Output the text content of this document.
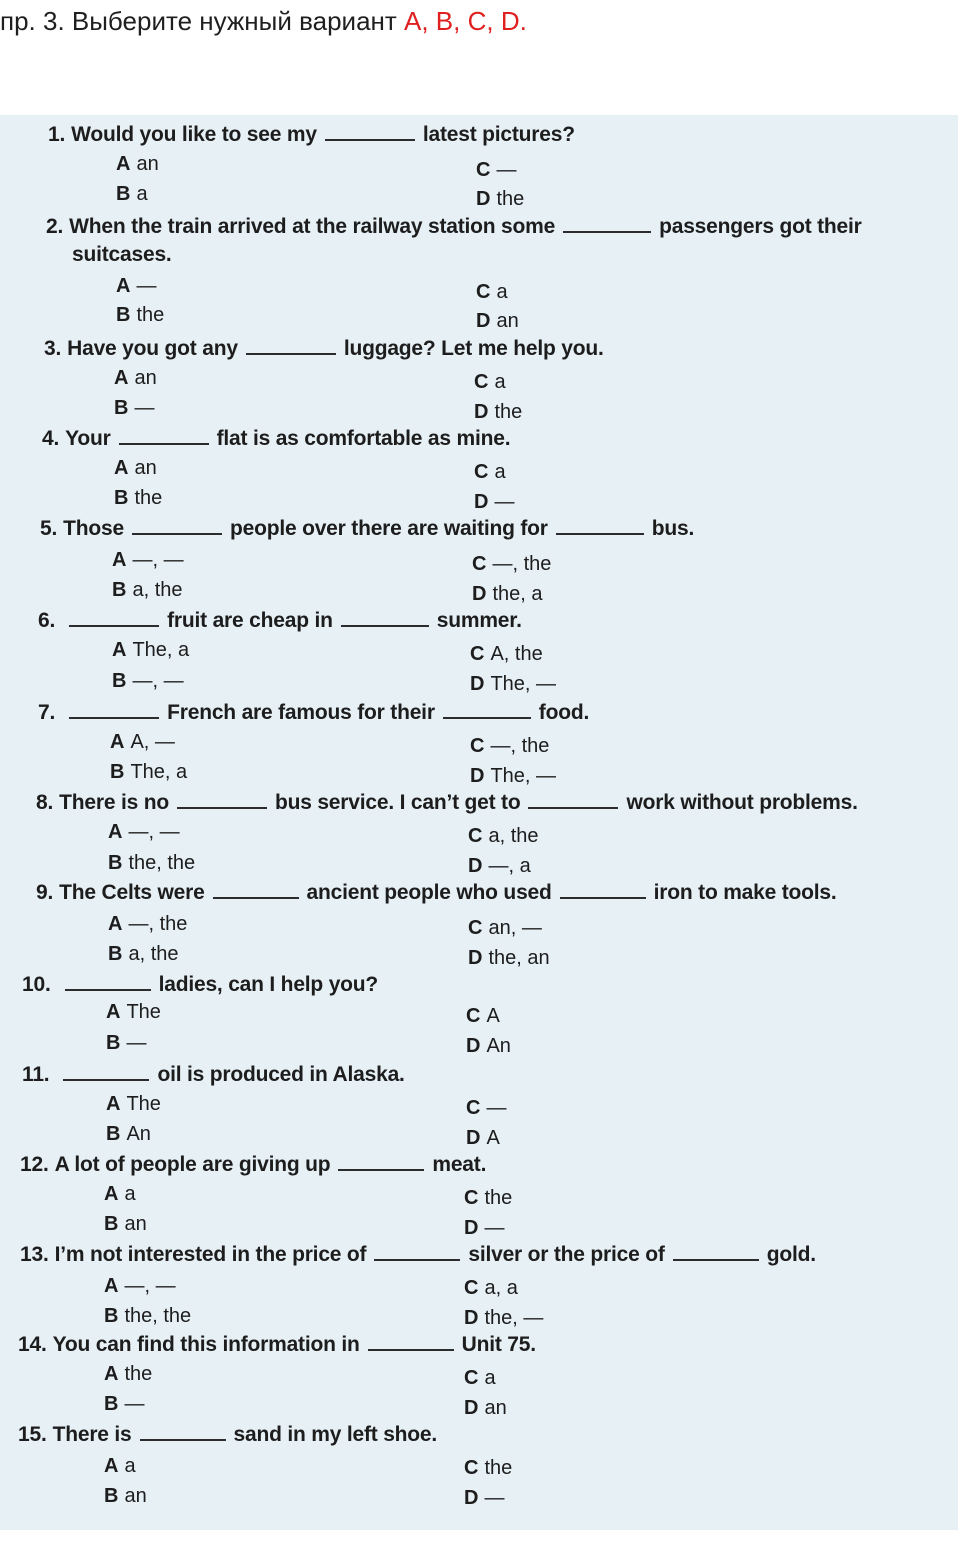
пр. 3. Выберите нужный вариант A, B, C, D.
1. Would you like to see my	latest pictures?
A an
B a
C —
D the
2. When the train arrived at the railway station some	passengers got their
suitcases.
A —
B the
C a
D an
3. Have you got any	luggage? Let me help you.
A an
B —
C a
D the
4. Your	flat is as comfortable as mine.
A an
B the
C a
D —
5. Those	people over there are waiting for	bus.
A —, —
B a, the
C —, the
D the, a
6.	fruit are cheap in	summer.
A The, a
B —, —
C A, the
D The, —
7.	French are famous for their	food.
A A, —
B The, a
C —, the
D The, —
8. There is no	bus service. I can’t get to	work without problems.
A —, —
B the, the
C a, the
D —, a
9. The Celts were	ancient people who used	iron to make tools.
A —, the
B a, the
C an, —
D the, an
10.	ladies, can I help you?
A The
B —
C A
D An
11.	oil is produced in Alaska.
A The
B An
C —
D A
12. A lot of people are giving up	meat.
A a
B an
C the
D —
13. I’m not interested in the price of	silver or the price of	gold.
A —, —
B the, the
C a, a
D the, —
14. You can find this information in	Unit 75.
A the
B —
C a
D an
15. There is	sand in my left shoe.
A a
B an
C the
D —
